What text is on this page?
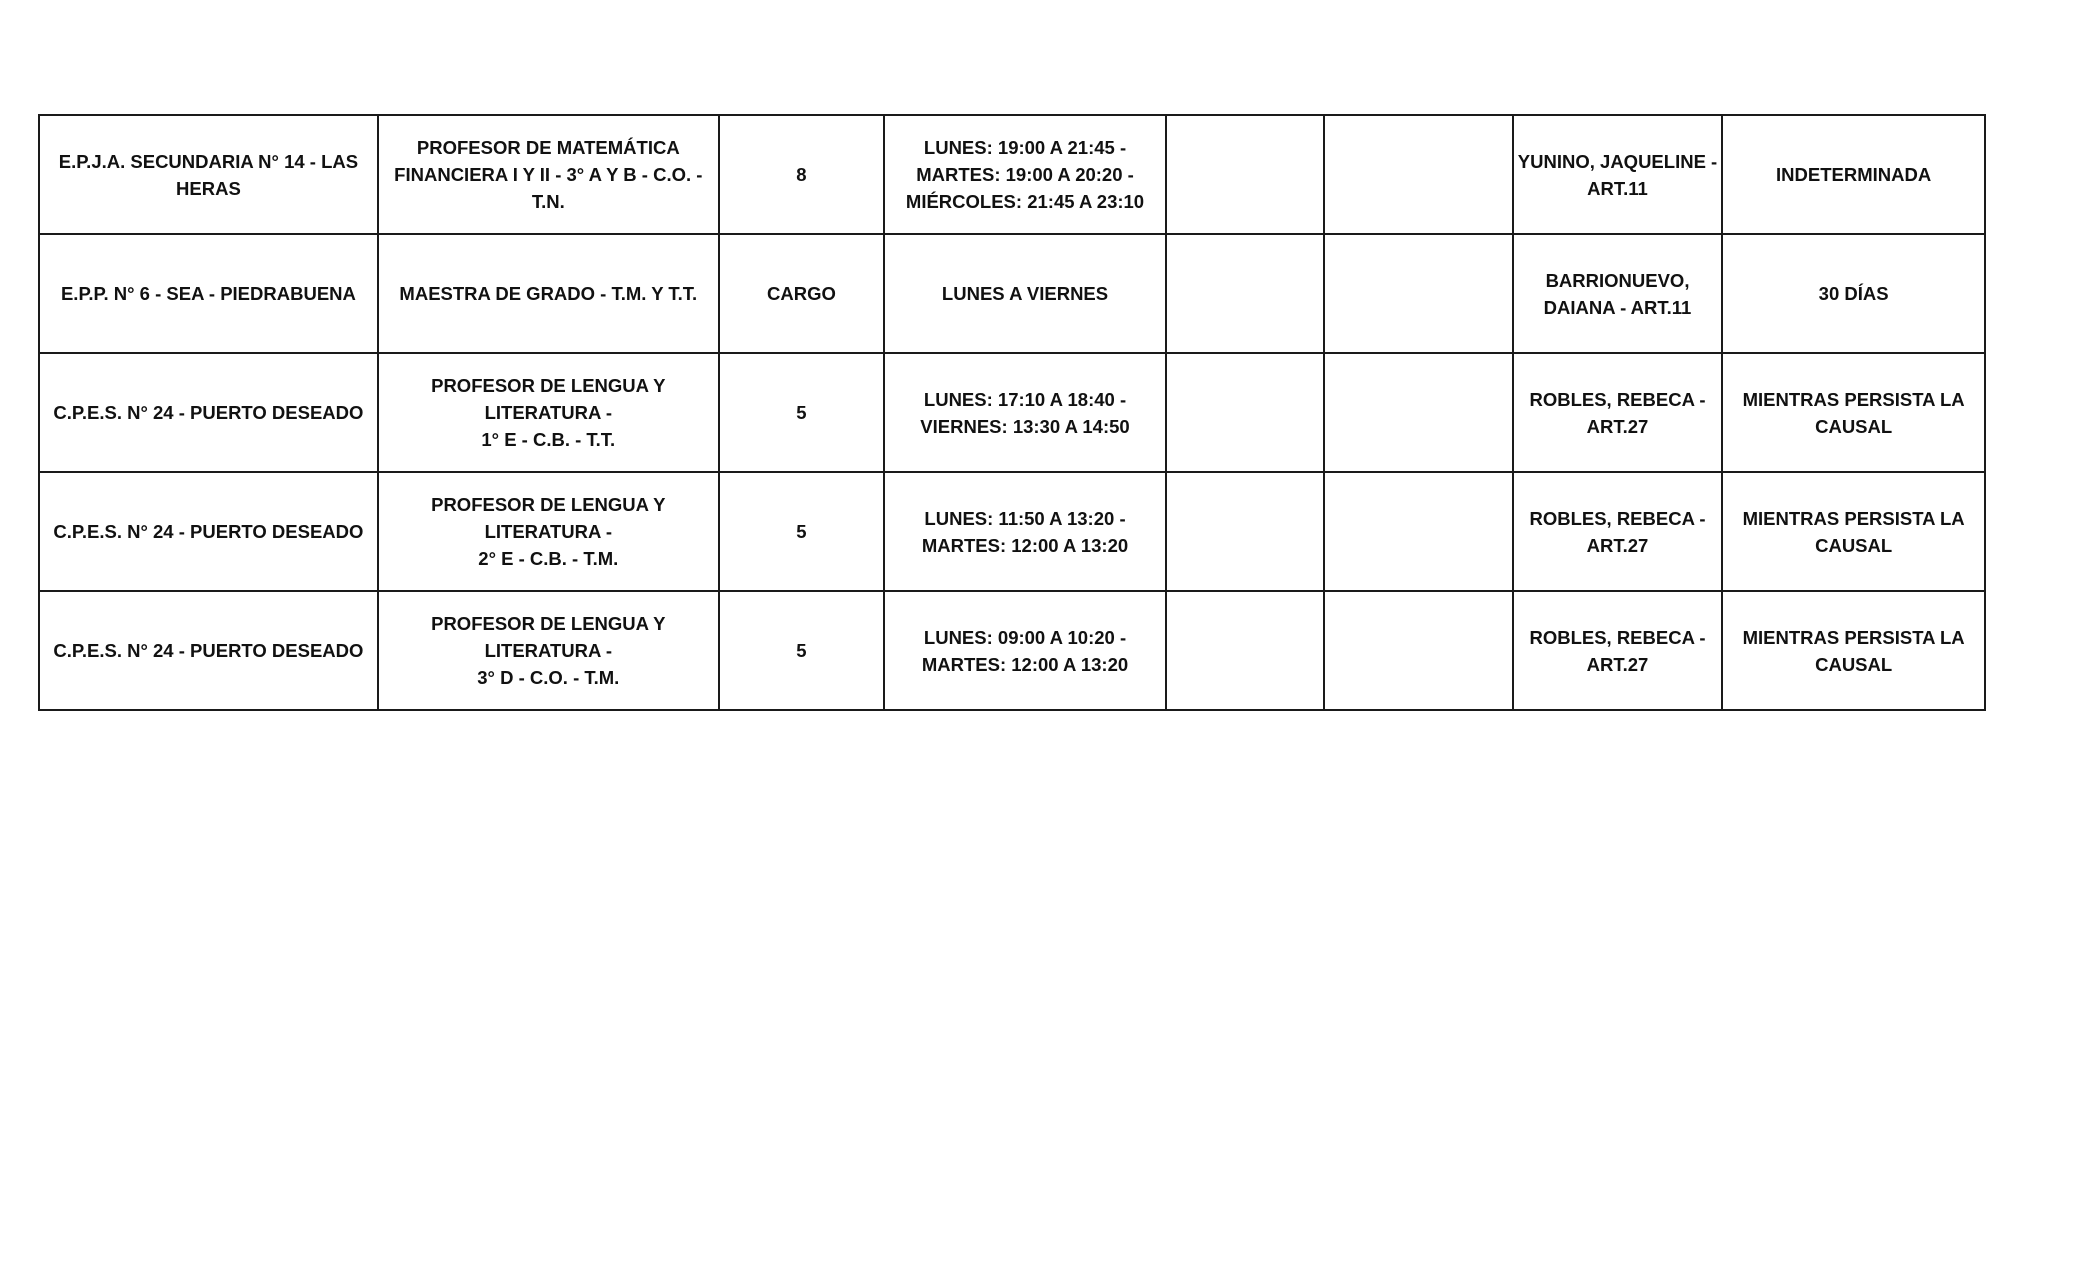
E.P.J.A. SECUNDARIA N° 14 - LAS
HERAS	PROFESOR DE MATEMÁTICA
FINANCIERA I Y II - 3° A Y B - C.O. -
T.N.	8	LUNES: 19:00 A 21:45 -
MARTES: 19:00 A 20:20 -
MIÉRCOLES: 21:45 A 23:10			YUNINO, JAQUELINE -
ART.11	INDETERMINADA
E.P.P. N° 6 - SEA - PIEDRABUENA	MAESTRA DE GRADO - T.M. Y T.T.	CARGO	LUNES A VIERNES			BARRIONUEVO,
DAIANA - ART.11	30 DÍAS
C.P.E.S. N° 24 - PUERTO DESEADO	PROFESOR DE LENGUA Y LITERATURA -
1° E - C.B. - T.T.	5	LUNES: 17:10 A 18:40 -
VIERNES: 13:30 A 14:50			ROBLES, REBECA -
ART.27	MIENTRAS PERSISTA LA
CAUSAL
C.P.E.S. N° 24 - PUERTO DESEADO	PROFESOR DE LENGUA Y LITERATURA -
2° E - C.B. - T.M.	5	LUNES: 11:50 A 13:20 -
MARTES: 12:00 A 13:20			ROBLES, REBECA -
ART.27	MIENTRAS PERSISTA LA
CAUSAL
C.P.E.S. N° 24 - PUERTO DESEADO	PROFESOR DE LENGUA Y LITERATURA -
3° D - C.O. - T.M.	5	LUNES: 09:00 A 10:20 -
MARTES: 12:00 A 13:20			ROBLES, REBECA -
ART.27	MIENTRAS PERSISTA LA
CAUSAL
